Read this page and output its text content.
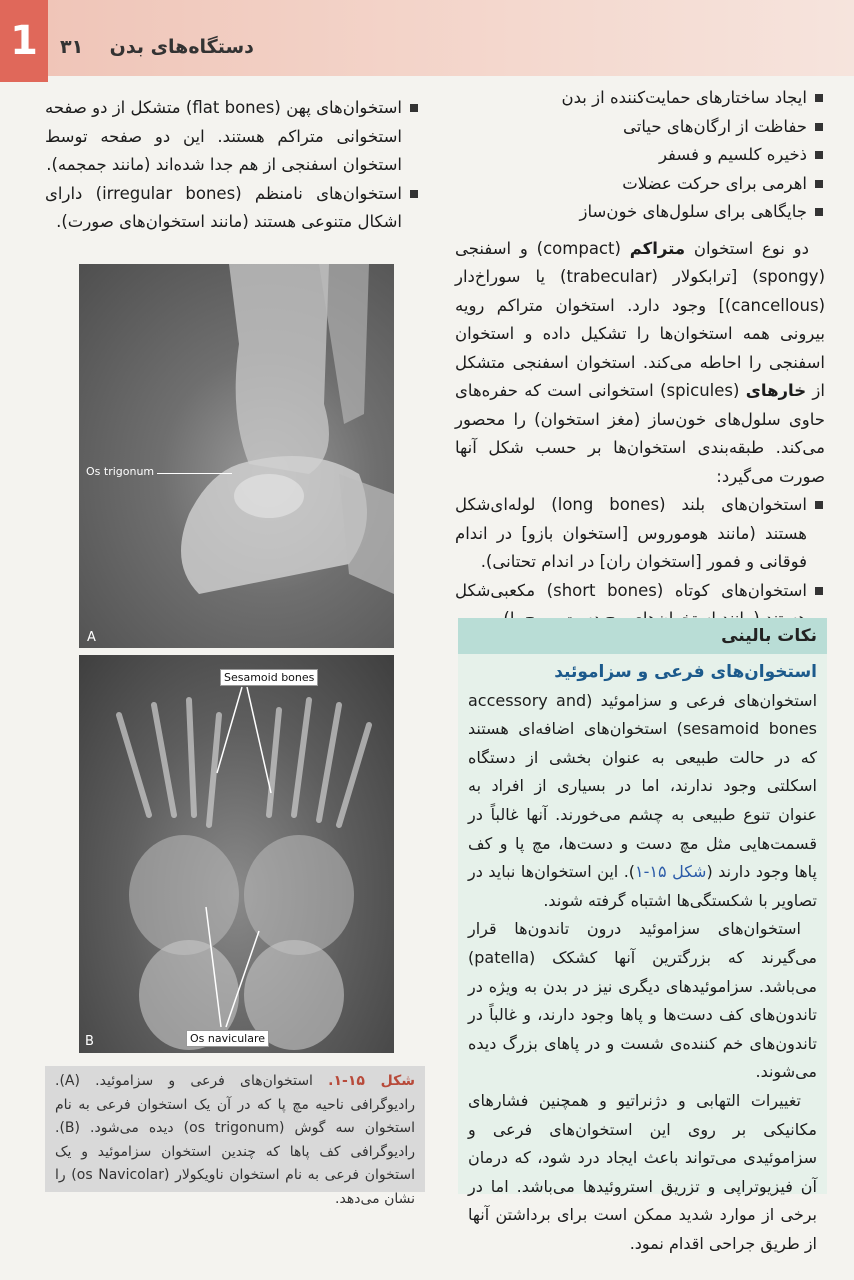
1	دستگاه‌های بدن    ۳۱
ایجاد ساختارهای حمایت‌کننده از بدن
حفاظت از ارگان‌های حیاتی
ذخیره کلسیم و فسفر
اهرمی برای حرکت عضلات
جایگاهی برای سلول‌های خون‌ساز

دو نوع استخوان متراکم (compact) و اسفنجی (spongy) [ترابکولار (trabecular) یا سوراخ‌دار (cancellous)] وجود دارد. استخوان متراکم رویه بیرونی همه استخوان‌ها را تشکیل داده و استخوان اسفنجی را احاطه می‌کند. استخوان اسفنجی متشکل از خارهای (spicules) استخوانی است که حفره‌های حاوی سلول‌های خون‌ساز (مغز استخوان) را محصور می‌کند. طبقه‌بندی استخوان‌ها بر حسب شکل آنها صورت می‌گیرد:

استخوان‌های بلند (long bones) لوله‌ای‌شکل هستند (مانند هوموروس [استخوان بازو] در اندام فوقانی و فمور [استخوان ران] در اندام تحتانی).
استخوان‌های کوتاه (short bones) مکعبی‌شکل
استخوان‌های پهن (flat bones) متشکل از دو صفحه استخوانی متراکم هستند. این دو صفحه توسط استخوان اسفنجی از هم جدا شده‌اند (مانند جمجمه).
استخوان‌های نامنظم (irregular bones) دارای اشکال متنوعی هستند (مانند استخوان‌های صورت).
Os trigonum
A
Sesamoid bones
Os naviculare
B
شکل ۱۵-۱. استخوان‌های فرعی و سزاموئید. (A). رادیوگرافی ناحیه مچ پا که در آن یک استخوان فرعی به نام استخوان سه گوش (os trigonum) دیده می‌شود. (B). رادیوگرافی کف پاها که چندین استخوان سزاموئید و یک استخوان فرعی به نام استخوان ناویکولار (os Navicolar) را نشان می‌دهد.
نکات بالینی
استخوان‌های فرعی و سزاموئید

استخوان‌های فرعی و سزاموئید (accessory and sesamoid bones) استخوان‌های اضافه‌ای هستند که در حالت طبیعی به عنوان بخشی از دستگاه اسکلتی وجود ندارند، اما در بسیاری از افراد به عنوان تنوع طبیعی به چشم می‌خورند. آنها غالباً در قسمت‌هایی مثل مچ دست و دست‌ها، مچ پا و کف پاها وجود دارند (شکل ۱۵-۱). این استخوان‌ها نباید در تصاویر با شکستگی‌ها اشتباه گرفته شوند.

استخوان‌های سزاموئید درون تاندون‌ها قرار می‌گیرند که بزرگترین آنها کشکک (patella) می‌باشد. سزاموئیدهای دیگری نیز در بدن به ویژه در تاندون‌های کف دست‌ها و پاها وجود دارند، و غالباً در تاندون‌های خم کننده‌ی شست و در پاهای بزرگ دیده می‌شوند.

تغییرات التهابی و دژنراتیو و همچنین فشارهای مکانیکی بر روی این استخوان‌های فرعی و سزاموئیدی می‌تواند باعث ایجاد درد شود، که درمان آن فیزیوتراپی و تزریق استروئیدها می‌باشد. اما در برخی از موارد شدید ممکن است برای برداشتن آنها از طریق جراحی اقدام نمود.
